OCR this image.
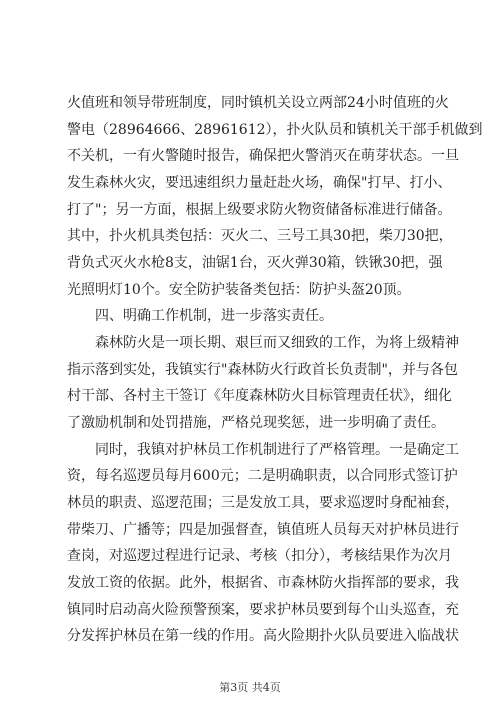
火值班和领导带班制度，同时镇机关设立两部24小时值班的火
警电（28964666、28961612），扑火队员和镇机关干部手机做到
不关机，一有火警随时报告，确保把火警消灭在萌芽状态。一旦
发生森林火灾，要迅速组织力量赶赴火场，确保"打早、打小、
打了"；另一方面，根据上级要求防火物资储备标准进行储备。
其中，扑火机具类包括：灭火二、三号工具30把，柴刀30把，
背负式灭火水枪8支，油锯1台，灭火弹30箱，铁锹30把，强
光照明灯10个。安全防护装备类包括：防护头盔20顶。
四、明确工作机制，进一步落实责任。
森林防火是一项长期、艰巨而又细致的工作，为将上级精神
指示落到实处，我镇实行"森林防火行政首长负责制"，并与各包
村干部、各村主干签订《年度森林防火目标管理责任状》，细化
了激励机制和处罚措施，严格兑现奖惩，进一步明确了责任。
同时，我镇对护林员工作机制进行了严格管理。一是确定工
资，每名巡逻员每月600元；二是明确职责，以合同形式签订护
林员的职责、巡逻范围；三是发放工具，要求巡逻时身配袖套，
带柴刀、广播等；四是加强督查，镇值班人员每天对护林员进行
查岗，对巡逻过程进行记录、考核（扣分），考核结果作为次月
发放工资的依据。此外，根据省、市森林防火指挥部的要求，我
镇同时启动高火险预警预案，要求护林员要到每个山头巡查，充
分发挥护林员在第一线的作用。高火险期扑火队员要进入临战状
第3页 共4页
